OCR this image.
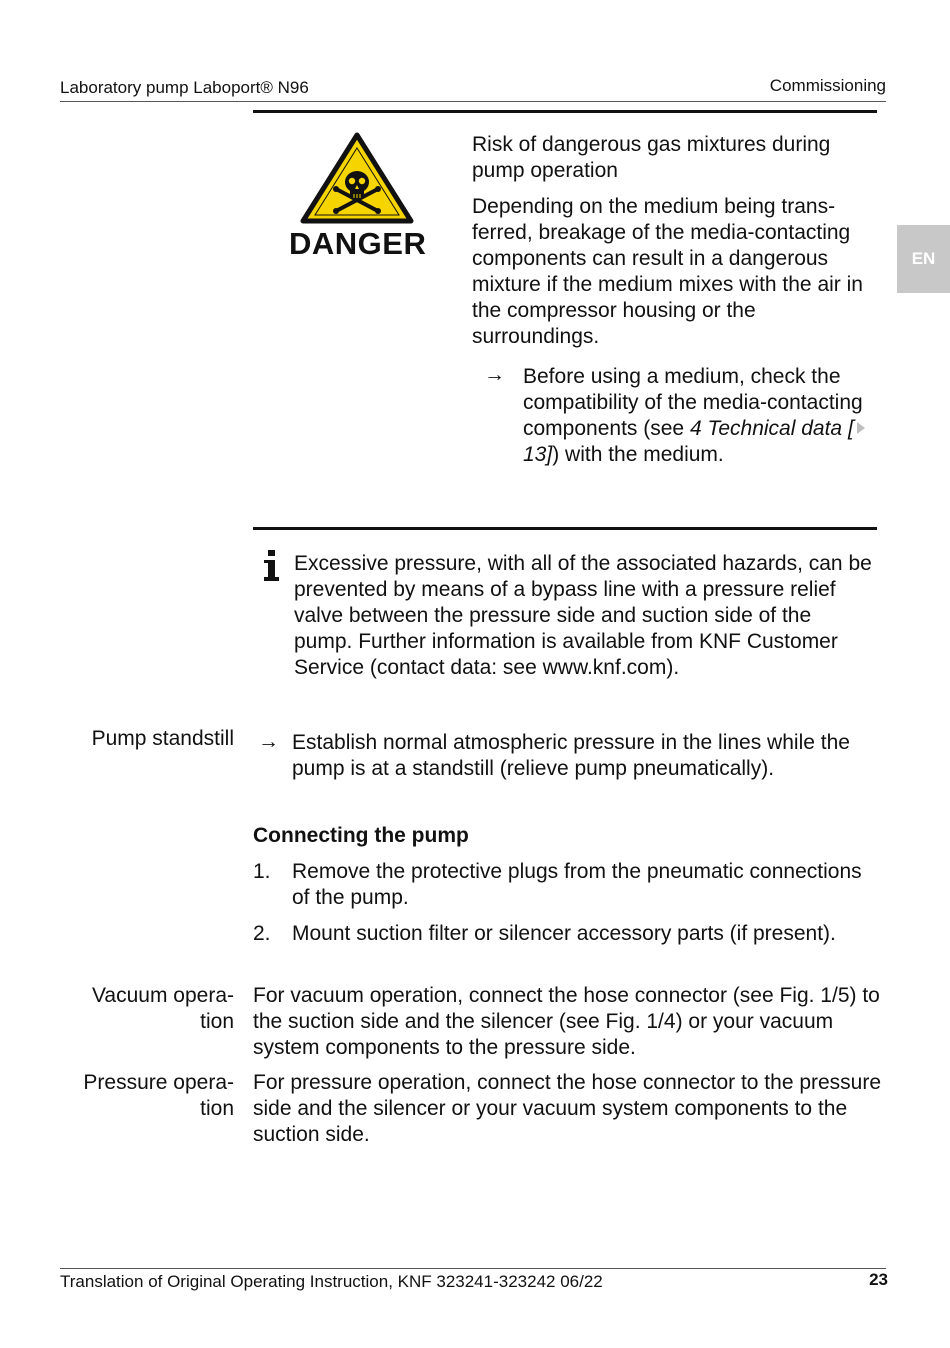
Laboratory pump Laboport® N96	Commissioning
EN
DANGER
Risk of dangerous gas mixtures during pump operation
Depending on the medium being transferred, breakage of the media-contacting components can result in a dangerous mixture if the medium mixes with the air in the compressor housing or the surroundings.
→ Before using a medium, check the compatibility of the media-contacting components (see 4 Technical data [ 13]) with the medium.
Excessive pressure, with all of the associated hazards, can be prevented by means of a bypass line with a pressure relief valve between the pressure side and suction side of the pump. Further information is available from KNF Customer Service (contact data: see www.knf.com).
Pump standstill → Establish normal atmospheric pressure in the lines while the pump is at a standstill (relieve pump pneumatically).
Connecting the pump
1. Remove the protective plugs from the pneumatic connections of the pump.
2. Mount suction filter or silencer accessory parts (if present).
Vacuum opera-
tion
For vacuum operation, connect the hose connector (see Fig. 1/5) to the suction side and the silencer (see Fig. 1/4) or your vacuum system components to the pressure side.
Pressure opera-
tion
For pressure operation, connect the hose connector to the pressure side and the silencer or your vacuum system components to the suction side.
Translation of Original Operating Instruction, KNF 323241-323242 06/22	23
